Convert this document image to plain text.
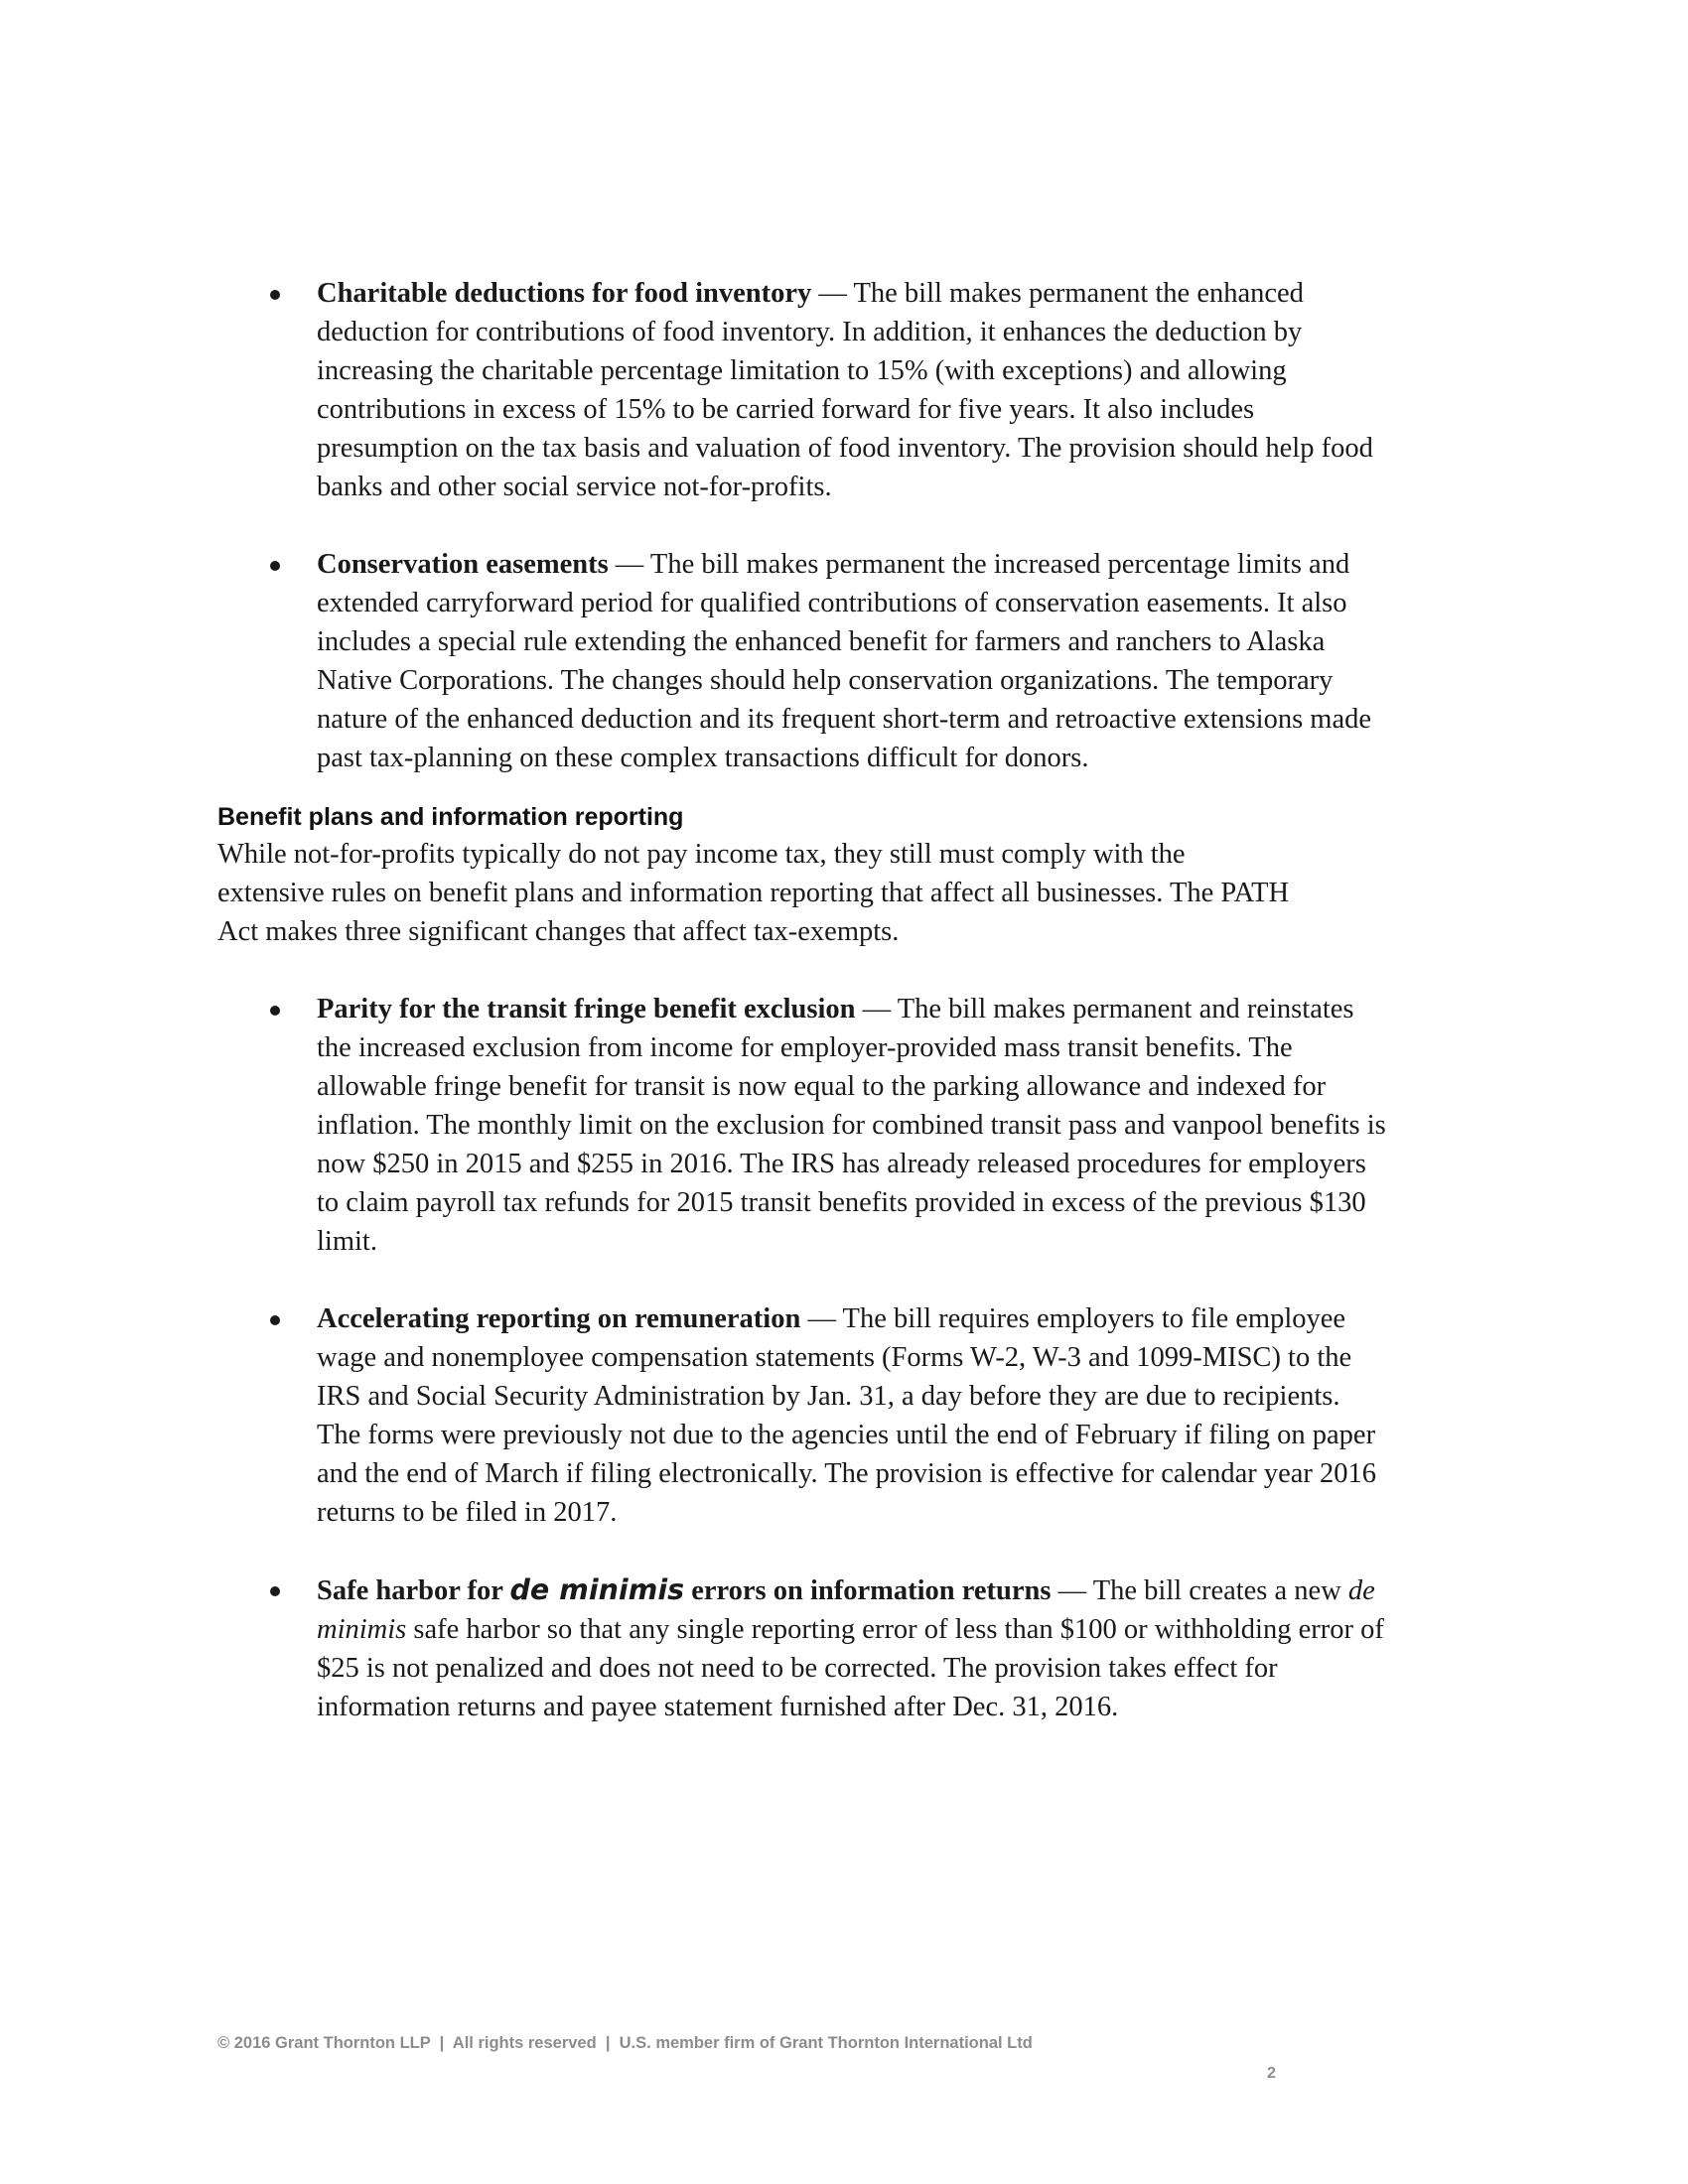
Charitable deductions for food inventory — The bill makes permanent the enhanced deduction for contributions of food inventory. In addition, it enhances the deduction by increasing the charitable percentage limitation to 15% (with exceptions) and allowing contributions in excess of 15% to be carried forward for five years. It also includes presumption on the tax basis and valuation of food inventory. The provision should help food banks and other social service not-for-profits.
Conservation easements — The bill makes permanent the increased percentage limits and extended carryforward period for qualified contributions of conservation easements. It also includes a special rule extending the enhanced benefit for farmers and ranchers to Alaska Native Corporations. The changes should help conservation organizations. The temporary nature of the enhanced deduction and its frequent short-term and retroactive extensions made past tax-planning on these complex transactions difficult for donors.
Benefit plans and information reporting

While not-for-profits typically do not pay income tax, they still must comply with the extensive rules on benefit plans and information reporting that affect all businesses. The PATH Act makes three significant changes that affect tax-exempts.

Parity for the transit fringe benefit exclusion — The bill makes permanent and reinstates the increased exclusion from income for employer-provided mass transit benefits. The allowable fringe benefit for transit is now equal to the parking allowance and indexed for inflation. The monthly limit on the exclusion for combined transit pass and vanpool benefits is now $250 in 2015 and $255 in 2016. The IRS has already released procedures for employers to claim payroll tax refunds for 2015 transit benefits provided in excess of the previous $130 limit.
Accelerating reporting on remuneration — The bill requires employers to file employee wage and nonemployee compensation statements (Forms W-2, W-3 and 1099-MISC) to the IRS and Social Security Administration by Jan. 31, a day before they are due to recipients. The forms were previously not due to the agencies until the end of February if filing on paper and the end of March if filing electronically. The provision is effective for calendar year 2016 returns to be filed in 2017.
Safe harbor for de minimis errors on information returns — The bill creates a new de minimis safe harbor so that any single reporting error of less than $100 or withholding error of $25 is not penalized and does not need to be corrected. The provision takes effect for information returns and payee statement furnished after Dec. 31, 2016.
© 2016 Grant Thornton LLP  |  All rights reserved  |  U.S. member firm of Grant Thornton International Ltd
2
